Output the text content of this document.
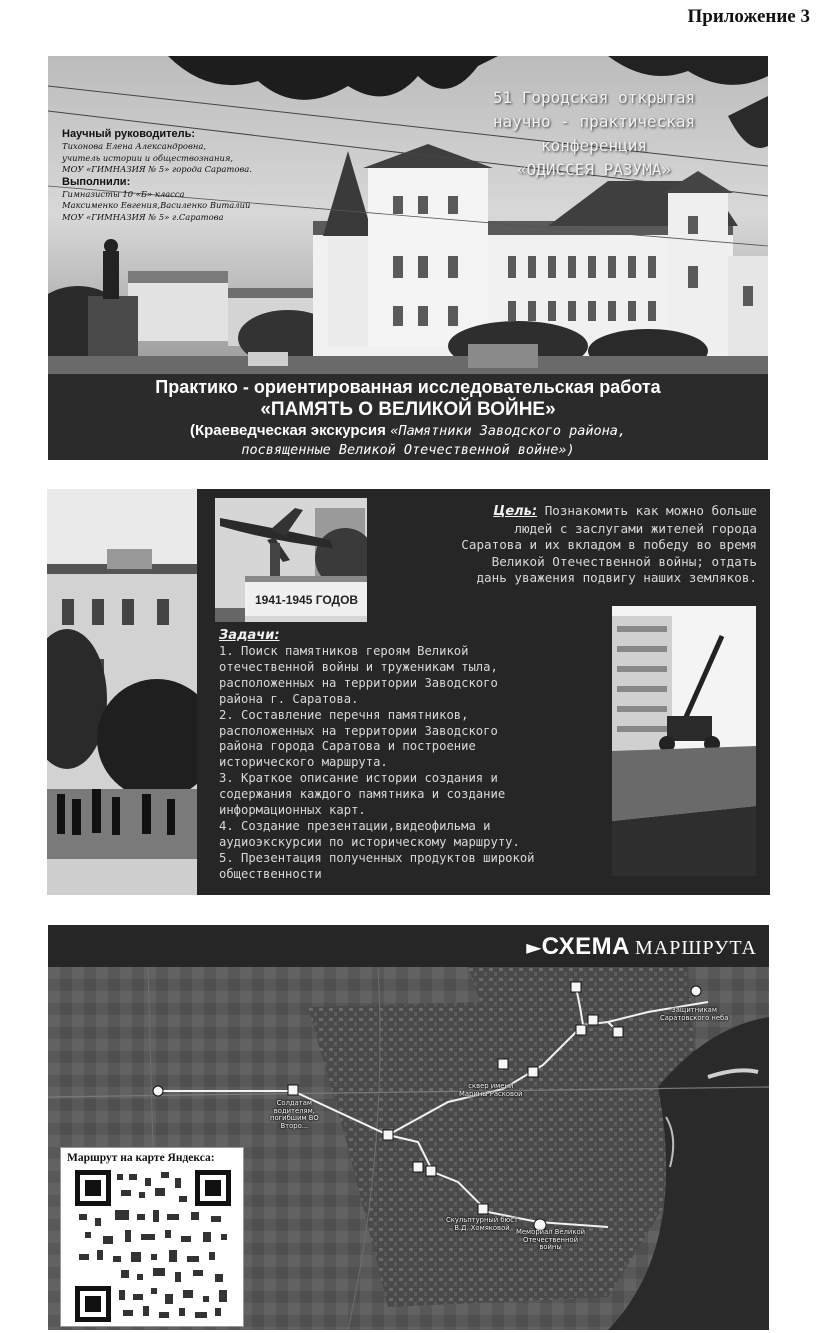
Приложение 3
51 Городская открытая
научно - практическая
конференция
«ОДИССЕЯ РАЗУМА»
Научный руководитель:
Тихонова Елена Александровна,
учитель истории и обществознания,
МОУ «ГИМНАЗИЯ № 5» города Саратова.
Выполнили:
Гимназисты 10 «Б» класса
Максименко Евгения,Василенко Виталий
МОУ «ГИМНАЗИЯ № 5» г.Саратова
Практико - ориентированная исследовательская работа
«ПАМЯТЬ О ВЕЛИКОЙ ВОЙНЕ»
(Краеведческая экскурсия «Памятники Заводского района,
посвященные Великой Отечественной войне»)
1941-1945 ГОДОВ
Цель: Познакомить как можно больше
людей с заслугами жителей города
Саратова и их вкладом в победу во время
Великой Отечественной войны; отдать
дань уважения подвигу наших земляков.
Задачи:
1. Поиск памятников героям Великой
отечественной войны и труженикам тыла,
расположенных на территории Заводского
района г. Саратова.
2. Составление перечня памятников,
расположенных на территории Заводского
района города Саратова и построение
исторического маршрута.
3. Краткое описание истории создания и
содержания каждого памятника и создание
информационных карт.
4. Создание презентации,видеофильма и
аудиоэкскурсии по историческому маршруту.
5. Презентация полученных продуктов широкой
общественности
►СХЕМА МАРШРУТА
Солдатам
водителям,
погибшим ВО
Второ...
сквер имени
Марины Расковой
Защитникам
Саратовского неба
Скульптурный бюст
В.Д. Хомяковой
Мемориал Великой
Отечественной
войны
Маршрут на карте Яндекса:
